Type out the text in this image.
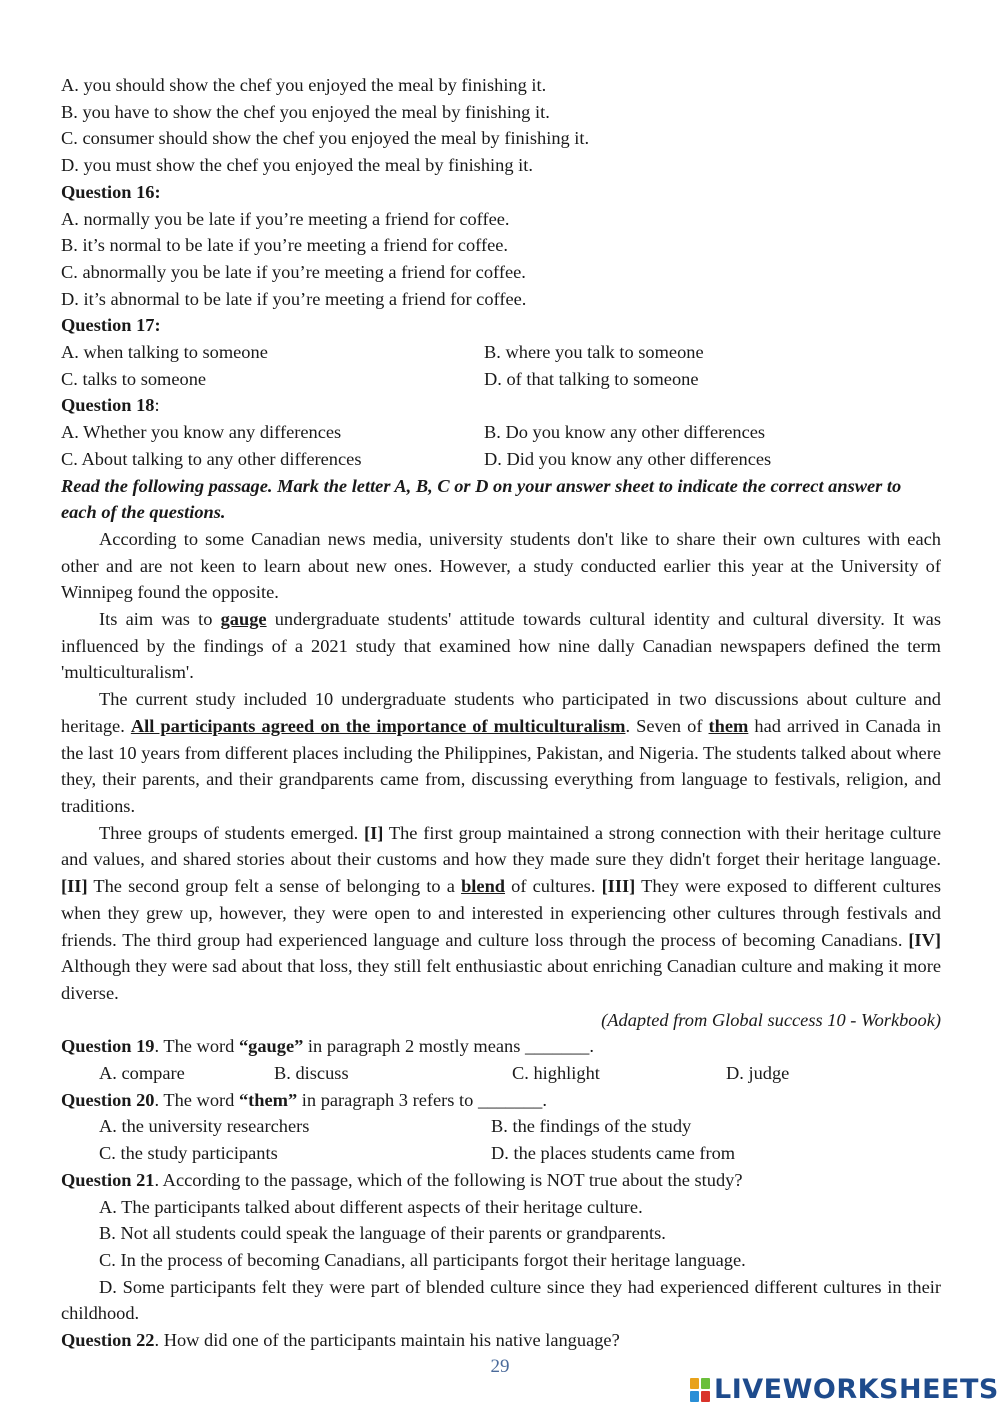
A. you should show the chef you enjoyed the meal by finishing it.
B. you have to show the chef you enjoyed the meal by finishing it.
C. consumer should show the chef you enjoyed the meal by finishing it.
D. you must show the chef you enjoyed the meal by finishing it.
Question 16:
A. normally you be late if you’re meeting a friend for coffee.
B. it’s normal to be late if you’re meeting a friend for coffee.
C. abnormally you be late if you’re meeting a friend for coffee.
D. it’s abnormal to be late if you’re meeting a friend for coffee.
Question 17:
A. when talking to someone	B. where you talk to someone
C. talks to someone	D. of that talking to someone
Question 18:
A. Whether you know any differences	B. Do you know any other differences
C. About talking to any other differences	D. Did you know any other differences
Read the following passage. Mark the letter A, B, C or D on your answer sheet to indicate the correct answer to each of the questions.
According to some Canadian news media, university students don't like to share their own cultures with each other and are not keen to learn about new ones. However, a study conducted earlier this year at the University of Winnipeg found the opposite.
Its aim was to gauge undergraduate students' attitude towards cultural identity and cultural diversity. It was influenced by the findings of a 2021 study that examined how nine dally Canadian newspapers defined the term 'multiculturalism'.
The current study included 10 undergraduate students who participated in two discussions about culture and heritage. All participants agreed on the importance of multiculturalism. Seven of them had arrived in Canada in the last 10 years from different places including the Philippines, Pakistan, and Nigeria. The students talked about where they, their parents, and their grandparents came from, discussing everything from language to festivals, religion, and traditions.
Three groups of students emerged. [I] The first group maintained a strong connection with their heritage culture and values, and shared stories about their customs and how they made sure they didn't forget their heritage language. [II] The second group felt a sense of belonging to a blend of cultures. [III] They were exposed to different cultures when they grew up, however, they were open to and interested in experiencing other cultures through festivals and friends. The third group had experienced language and culture loss through the process of becoming Canadians. [IV] Although they were sad about that loss, they still felt enthusiastic about enriching Canadian culture and making it more diverse.
(Adapted from Global success 10 - Workbook)
Question 19. The word “gauge” in paragraph 2 mostly means _______.
A. compare	B. discuss	C. highlight	D. judge
Question 20. The word “them” in paragraph 3 refers to _______.
A. the university researchers	B. the findings of the study
C. the study participants	D. the places students came from
Question 21. According to the passage, which of the following is NOT true about the study?
A. The participants talked about different aspects of their heritage culture.
B. Not all students could speak the language of their parents or grandparents.
C. In the process of becoming Canadians, all participants forgot their heritage language.
D. Some participants felt they were part of blended culture since they had experienced different cultures in their childhood.
Question 22. How did one of the participants maintain his native language?
29
LIVEWORKSHEETS
